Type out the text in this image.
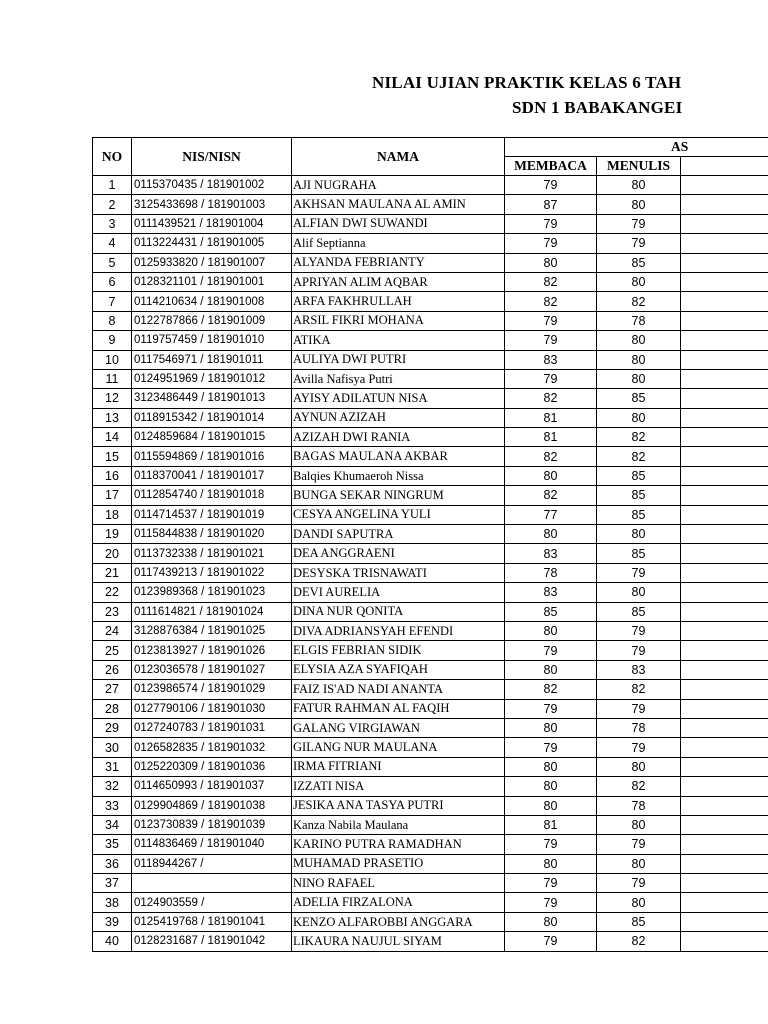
NILAI UJIAN PRAKTIK KELAS 6 TAH
SDN 1 BABAKANGEI
NO	NIS/NISN	NAMA	AS		
			MEMBACA	MENULIS	
1	0115370435 / 181901002	AJI NUGRAHA	79	80	
2	3125433698 / 181901003	AKHSAN MAULANA AL AMIN	87	80	
3	0111439521 / 181901004	ALFIAN DWI SUWANDI	79	79	
4	0113224431 / 181901005	Alif Septianna	79	79	
5	0125933820 / 181901007	ALYANDA FEBRIANTY	80	85	
6	0128321101 / 181901001	APRIYAN ALIM AQBAR	82	80	
7	0114210634 / 181901008	ARFA FAKHRULLAH	82	82	
8	0122787866 / 181901009	ARSIL FIKRI MOHANA	79	78	
9	0119757459 / 181901010	ATIKA	79	80	
10	0117546971 / 181901011	AULIYA DWI PUTRI	83	80	
11	0124951969 / 181901012	Avilla Nafisya Putri	79	80	
12	3123486449 / 181901013	AYISY ADILATUN NISA	82	85	
13	0118915342 / 181901014	AYNUN AZIZAH	81	80	
14	0124859684 / 181901015	AZIZAH DWI RANIA	81	82	
15	0115594869 / 181901016	BAGAS MAULANA AKBAR	82	82	
16	0118370041 / 181901017	Balqies Khumaeroh Nissa	80	85	
17	0112854740 / 181901018	BUNGA SEKAR NINGRUM	82	85	
18	0114714537 / 181901019	CESYA ANGELINA YULI	77	85	
19	0115844838 / 181901020	DANDI SAPUTRA	80	80	
20	0113732338 / 181901021	DEA ANGGRAENI	83	85	
21	0117439213 / 181901022	DESYSKA TRISNAWATI	78	79	
22	0123989368 / 181901023	DEVI AURELIA	83	80	
23	0111614821 / 181901024	DINA NUR QONITA	85	85	
24	3128876384 / 181901025	DIVA ADRIANSYAH EFENDI	80	79	
25	0123813927 / 181901026	ELGIS FEBRIAN SIDIK	79	79	
26	0123036578 / 181901027	ELYSIA AZA SYAFIQAH	80	83	
27	0123986574 / 181901029	FAIZ IS'AD NADI ANANTA	82	82	
28	0127790106 / 181901030	FATUR RAHMAN AL FAQIH	79	79	
29	0127240783 / 181901031	GALANG VIRGIAWAN	80	78	
30	0126582835 / 181901032	GILANG NUR MAULANA	79	79	
31	0125220309 / 181901036	IRMA FITRIANI	80	80	
32	0114650993 / 181901037	IZZATI NISA	80	82	
33	0129904869 / 181901038	JESIKA ANA TASYA PUTRI	80	78	
34	0123730839 / 181901039	Kanza Nabila Maulana	81	80	
35	0114836469 / 181901040	KARINO PUTRA RAMADHAN	79	79	
36	0118944267 /	MUHAMAD PRASETIO	80	80	
37		NINO RAFAEL	79	79	
38	0124903559 /	ADELIA FIRZALONA	79	80	
39	0125419768 / 181901041	KENZO ALFAROBBI ANGGARA	80	85	
40	0128231687 / 181901042	LIKAURA NAUJUL SIYAM	79	82	
